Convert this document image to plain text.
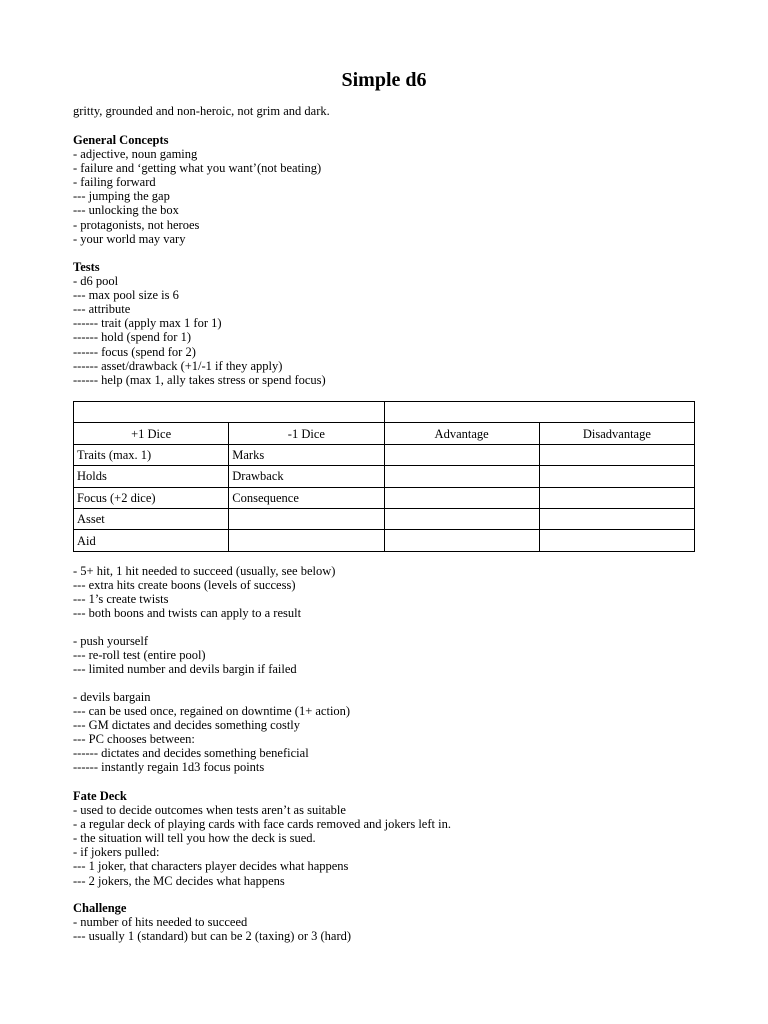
Simple d6
gritty, grounded and non-heroic, not grim and dark.
General Concepts
- adjective, noun gaming
- failure and ‘getting what you want’(not beating)
- failing forward
--- jumping the gap
--- unlocking the box
- protagonists, not heroes
- your world may vary
Tests
- d6 pool
--- max pool size is 6
--- attribute
------ trait (apply max 1 for 1)
------ hold (spend for 1)
------ focus (spend for 2)
------ asset/drawback (+1/-1 if they apply)
------ help (max 1, ally takes stress or spend focus)

+1 Dice	-1 Dice	Advantage	Disadvantage
Traits (max. 1)	Marks		
Holds	Drawback		
Focus (+2 dice)	Consequence		
Asset			
Aid			
- 5+ hit, 1 hit needed to succeed (usually, see below)
--- extra hits create boons (levels of success)
--- 1’s create twists
--- both boons and twists can apply to a result
- push yourself
--- re-roll test (entire pool)
--- limited number and devils bargin if failed
- devils bargain
--- can be used once, regained on downtime (1+ action)
--- GM dictates and decides something costly
--- PC chooses between:
------ dictates and decides something beneficial
------ instantly regain 1d3 focus points
Fate Deck
- used to decide outcomes when tests aren’t as suitable
- a regular deck of playing cards with face cards removed and jokers left in.
- the situation will tell you how the deck is sued.
- if jokers pulled:
--- 1 joker, that characters player decides what happens
--- 2 jokers, the MC decides what happens
Challenge
- number of hits needed to succeed
--- usually 1 (standard) but can be 2 (taxing) or 3 (hard)
